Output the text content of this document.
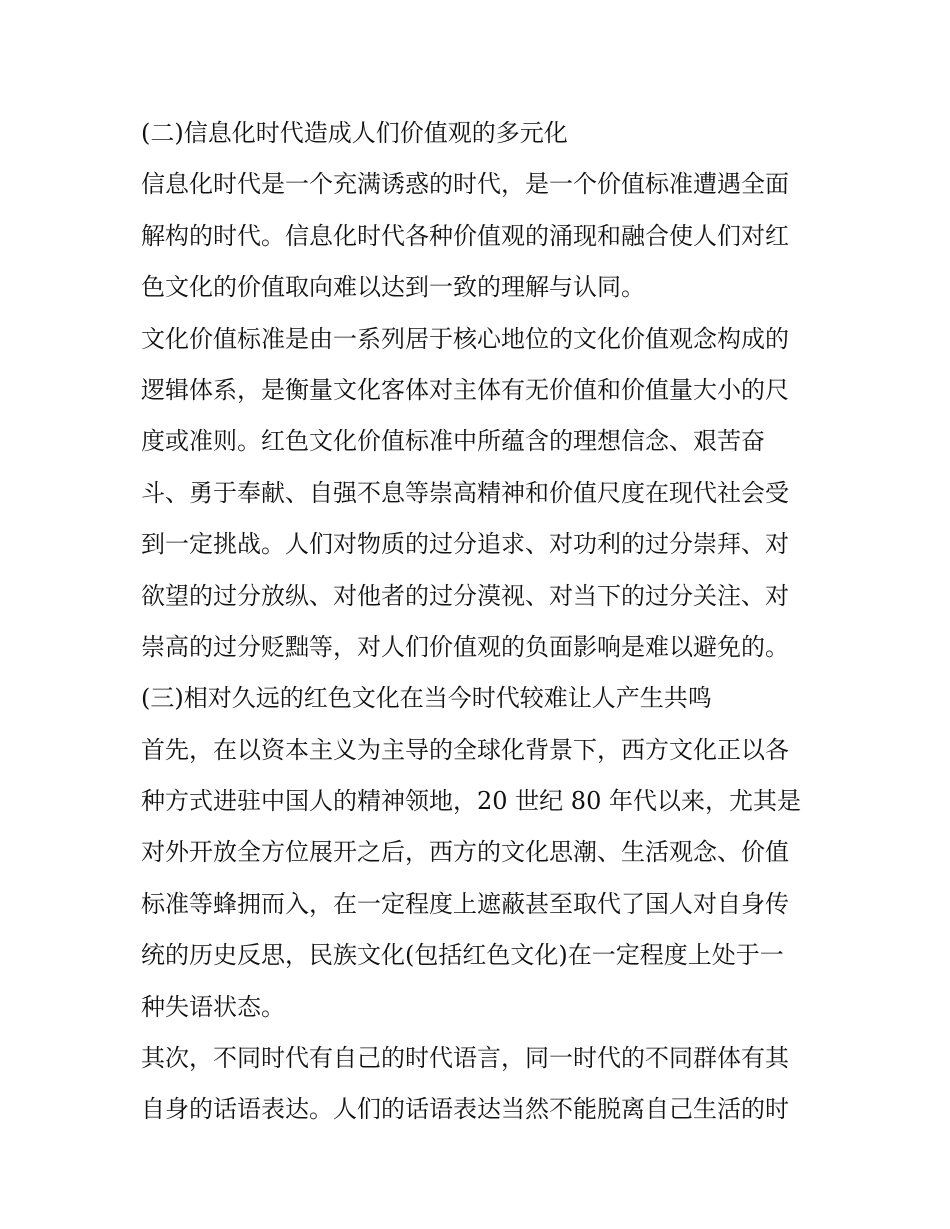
(二)信息化时代造成人们价值观的多元化
信息化时代是一个充满诱惑的时代，是一个价值标准遭遇全面
解构的时代。信息化时代各种价值观的涌现和融合使人们对红
色文化的价值取向难以达到一致的理解与认同。
文化价值标准是由一系列居于核心地位的文化价值观念构成的
逻辑体系，是衡量文化客体对主体有无价值和价值量大小的尺
度或准则。红色文化价值标准中所蕴含的理想信念、艰苦奋
斗、勇于奉献、自强不息等崇高精神和价值尺度在现代社会受
到一定挑战。人们对物质的过分追求、对功利的过分崇拜、对
欲望的过分放纵、对他者的过分漠视、对当下的过分关注、对
崇高的过分贬黜等，对人们价值观的负面影响是难以避免的。
(三)相对久远的红色文化在当今时代较难让人产生共鸣
首先，在以资本主义为主导的全球化背景下，西方文化正以各
种方式进驻中国人的精神领地，20 世纪 80 年代以来，尤其是
对外开放全方位展开之后，西方的文化思潮、生活观念、价值
标准等蜂拥而入，在一定程度上遮蔽甚至取代了国人对自身传
统的历史反思，民族文化(包括红色文化)在一定程度上处于一
种失语状态。
其次，不同时代有自己的时代语言，同一时代的不同群体有其
自身的话语表达。人们的话语表达当然不能脱离自己生活的时
